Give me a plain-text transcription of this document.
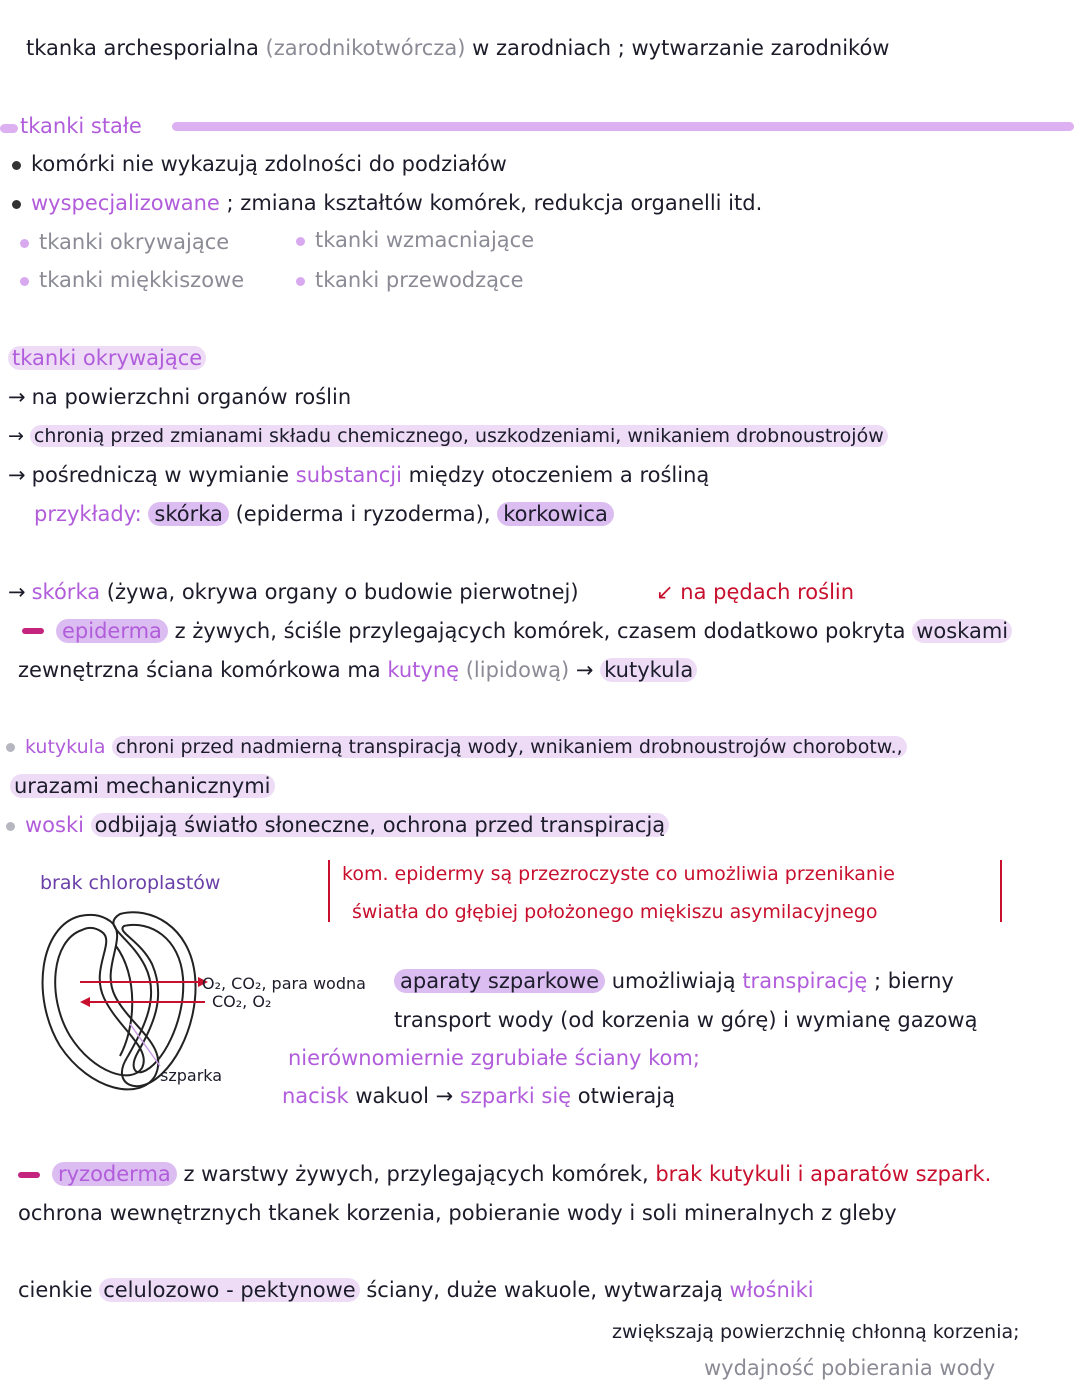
tkanka archesporialna (zarodnikotwórcza) w zarodniach ; wytwarzanie zarodników
tkanki stałe
komórki nie wykazują zdolności do podziałów
wyspecjalizowane ; zmiana kształtów komórek, redukcja organelli itd.
tkanki okrywające	tkanki wzmacniające
tkanki miękkiszowe	tkanki przewodzące
tkanki okrywające
→ na powierzchni organów roślin
→ chronią przed zmianami składu chemicznego, uszkodzeniami, wnikaniem drobnoustrojów
→ pośredniczą w wymianie substancji między otoczeniem a rośliną
przykłady: skórka (epiderma i ryzoderma), korkowica
→ skórka (żywa, okrywa organy o budowie pierwotnej)	↙ na pędach roślin
epiderma z żywych, ściśle przylegających komórek, czasem dodatkowo pokryta woskami
zewnętrzna ściana komórkowa ma kutynę (lipidową) → kutykula
kutykula chroni przed nadmierną transpiracją wody, wnikaniem drobnoustrojów chorobotw.,
urazami mechanicznymi
woski odbijają światło słoneczne, ochrona przed transpiracją
brak chloroplastów
O₂, CO₂, para wodna
CO₂, O₂
szparka
kom. epidermy są przezroczyste co umożliwia przenikanie
światła do głębiej położonego miękiszu asymilacyjnego
aparaty szparkowe umożliwiają transpirację ; bierny
transport wody (od korzenia w górę) i wymianę gazową
nierównomiernie zgrubiałe ściany kom;
nacisk wakuol → szparki się otwierają
ryzoderma z warstwy żywych, przylegających komórek, brak kutykuli i aparatów szpark.
ochrona wewnętrznych tkanek korzenia, pobieranie wody i soli mineralnych z gleby
cienkie celulozowo - pektynowe ściany, duże wakuole, wytwarzają włośniki
zwiększają powierzchnię chłonną korzenia;
wydajność pobierania wody
